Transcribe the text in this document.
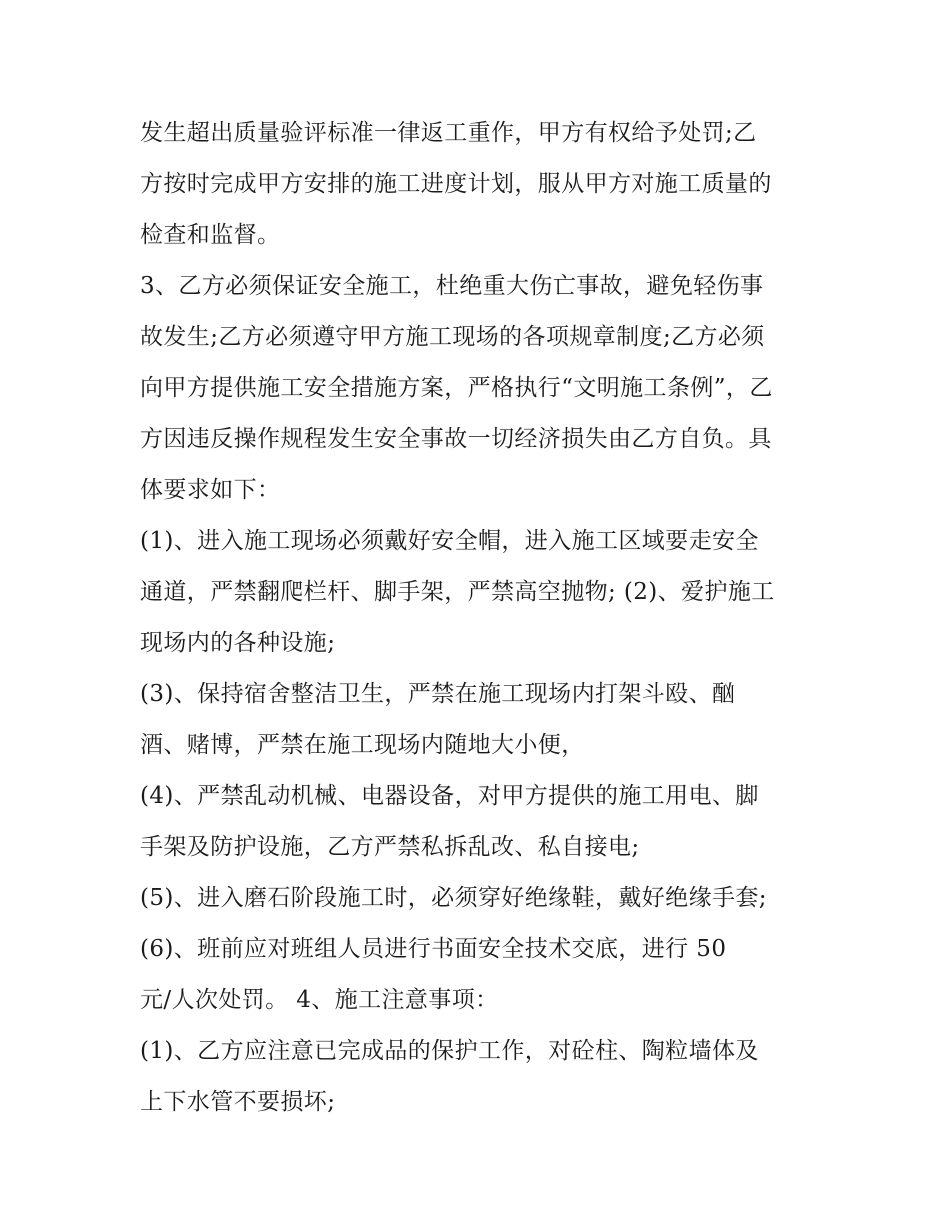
发生超出质量验评标准一律返工重作，甲方有权给予处罚;乙
方按时完成甲方安排的施工进度计划，服从甲方对施工质量的
检查和监督。
3、乙方必须保证安全施工，杜绝重大伤亡事故，避免轻伤事
故发生;乙方必须遵守甲方施工现场的各项规章制度;乙方必须
向甲方提供施工安全措施方案，严格执行“文明施工条例”，乙
方因违反操作规程发生安全事故一切经济损失由乙方自负。具
体要求如下：
(1)、进入施工现场必须戴好安全帽，进入施工区域要走安全
通道，严禁翻爬栏杆、脚手架，严禁高空抛物; (2)、爱护施工
现场内的各种设施;
(3)、保持宿舍整洁卫生，严禁在施工现场内打架斗殴、酗
酒、赌博，严禁在施工现场内随地大小便，
(4)、严禁乱动机械、电器设备，对甲方提供的施工用电、脚
手架及防护设施，乙方严禁私拆乱改、私自接电;
(5)、进入磨石阶段施工时，必须穿好绝缘鞋，戴好绝缘手套;
(6)、班前应对班组人员进行书面安全技术交底，进行 50
元/人次处罚。 4、施工注意事项：
(1)、乙方应注意已完成品的保护工作，对砼柱、陶粒墙体及
上下水管不要损坏;
